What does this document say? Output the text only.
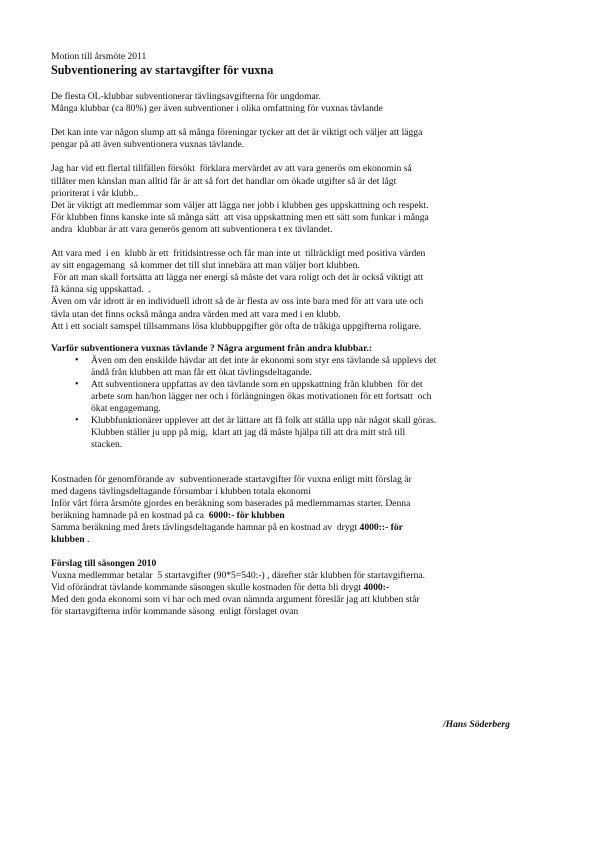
Motion till årsmöte 2011
Subventionering av startavgifter för vuxna
De flesta OL-klubbar subventionerar tävlingsavgifterna för ungdomar.
Många klubbar (ca 80%) ger även subventioner i olika omfattning för vuxnas tävlande
Det kan inte var någon slump att så många föreningar tycker att det är viktigt och väljer att lägga
pengar på att även subventionera vuxnas tävlande.
Jag har vid ett flertal tillfällen försökt  förklara mervärdet av att vara generös om ekonomin så
tillåter men känslan man alltid får är att så fort det handlar om ökade utgifter så är det lågt
prioriterat i vår klubb..
Det är viktigt att medlemmar som väljer att lägga ner jobb i klubben ges uppskattning och respekt.
För klubben finns kanske inte så många sätt  att visa uppskattning men ett sätt som funkar i många
andra  klubbar är att vara generös genom att subventionera t ex tävlandet.
Att vara med  i en  klubb är ett  fritidsintresse och får man inte ut  tillräckligt med positiva värden
av sitt engagemang  så kommer det till slut innebära att man väljer bort klubben.
För att man skall fortsätta att lägga ner energi så måste det vara roligt och det är också viktigt att
få känna sig uppskattad.  .
Även om vår idrott är en individuell idrott så de är flesta av oss inte bara med för att vara ute och
tävla utan det finns också många andra värden med att vara med i en klubb.
Att i ett socialt samspel tillsammans lösa klubbuppgifter gör ofta de tråkiga uppgifterna roligare.
Varför subventionera vuxnas tävlande ? Några argument från andra klubbar.:
• Även om den enskilde hävdar att det inte är ekonomi som styr ens tävlande så upplevs det
ändå från klubben att man får ett ökat tävlingsdeltagande.
• Att subventionera uppfattas av den tävlande som en uppskattning från klubben  för det
arbete som han/hon lägger ner och i förlängningen ökas motivationen för ett fortsatt  och
ökat engagemang.
• Klubbfunktionärer upplever att det är lättare att få folk att ställa upp när något skall göras.
Klubben ställer ju upp på mig,  klart att jag då måste hjälpa till att dra mitt strå till
stacken.
Kostnaden för genomförande av  subventionerade startavgifter för vuxna enligt mitt förslag är
med dagens tävlingsdeltagande försumbar i klubben totala ekonomi
Inför vårt förra årsmöte gjordes en beräkning som baserades på medlemmarnas starter. Denna
beräkning hamnade på en kostnad på ca  6000:- för klubben
Samma beräkning med årets tävlingsdeltagande hamnar på en kostnad av  drygt 4000::- för
klubben .
Förslag till säsongen 2010
Vuxna medlemmar betalar  5 startavgifter (90*5=540:-) , därefter står klubben för startavgifterna.
Vid oförändrat tävlande kommande säsongen skulle kostnaden för detta bli drygt 4000:-
Med den goda ekonomi som vi har och med ovan nämnda argument föreslår jag att klubben står
för startavgifterna inför kommande säsong  enligt förslaget ovan
/Hans Söderberg
